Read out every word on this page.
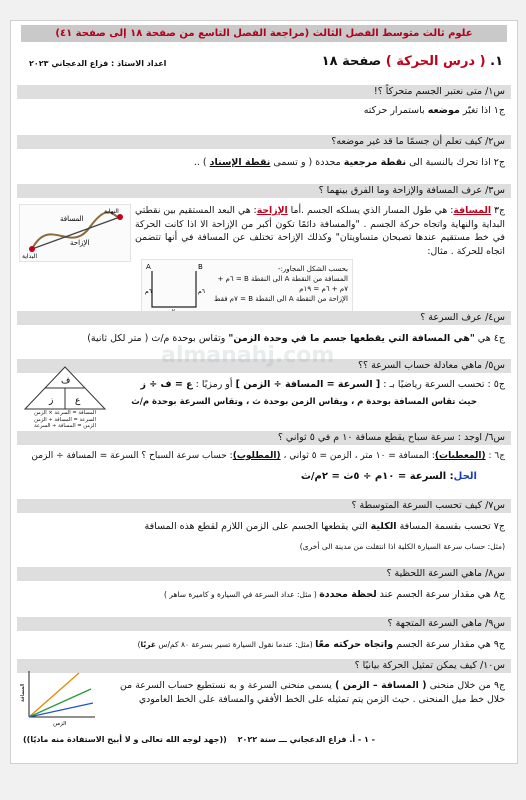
علوم ثالث متوسط الفصل الثالث (مراجعة الفصل التاسع من صفحة ١٨ إلى صفحة ٤١)
١. ( درس الحركة ) صفحة ١٨
اعداد الاستاذ : فزاع الدعجاني ٢٠٢٣
س١/ متى نعتبر الجسم متحركاً ؟!
ج١ اذا تغيّر موضعه باستمرار حركته
س٢/ كيف تعلم أن جسمًا ما قد غير موضعه؟
ج٢ اذا تحرك بالنسبة الى نقطة مرجعية محددة ( و تسمى نقطة الإسناد ) ..
س٣/ عرف المسافة والإزاحة وما الفرق بينهما ؟
ج٣ المسافة: هي طول المسار الذي يسلكه الجسم .أما الإزاحة: هي البعد المستقيم بين نقطتي البداية والنهاية واتجاه حركة الجسم . "والمسافة دائمًا تكون أكبر من الإزاحة الا اذا كانت الحركة في خط مستقيم عندها تصبحان متساويتان" وكذلك الإزاحة تختلف عن المسافة في أنها تتضمن اتجاه للحركة . مثال:
المسافة
الإزاحة
البداية
النهاية
A	B
٦م	٦م
بحسب الشكل المجاور:-
المسافة من النقطة A الى النقطة B = ٦م + ٧م + ٦م = ١٩م
الإزاحة من النقطة A الى النقطة B = ٧م فقط
س٤/ عرف السرعة ؟
ج٤ هي "هي المسافة التي يقطعها جسم ما في وحدة الزمن" وتقاس بوحدة م/ث ( متر لكل ثانية)
س٥/ ماهي معادلة حساب السرعة ؟؟
ج٥ : تحسب السرعة رياضيًا بـ : [ السرعة = المسافة ÷ الزمن ] أو رمزيًا : ع = ف ÷ ز
حيث تقاس المسافة بوحدة م ، ويقاس الزمن بوحدة ث ، وتقاس السرعة بوحدة م/ث
ف
ز ع
المسافة = السرعة × الزمن
السرعة = المسافة ÷ الزمن
الزمن = المسافة ÷ السرعة
almanahj.com
س٦/ اوجد : سرعة سباح يقطع مسافة ١٠ م في ٥ ثواني ؟
ج٦ : (المعطيات): المسافة = ١٠ متر ، الزمن = ٥ ثواني ، (المطلوب): حساب سرعة السباح ؟ السرعة = المسافة ÷ الزمن
الحل: السرعة = ١٠م ÷ ٥ث = ٢م/ث
س٧/ كيف تحسب السرعة المتوسطة ؟
ج٧ تحسب بقسمة المسافة الكلية التي يقطعها الجسم على الزمن اللازم لقطع هذه المسافة
(مثل: حساب سرعة السيارة الكلية اذا انتقلت من مدينة الى أخرى)
س٨/ ماهي السرعة اللحظية ؟
ج٨ هي مقدار سرعة الجسم عند لحظة محددة ( مثل: عداد السرعة في السيارة و كاميرة ساهر )
س٩/ ماهي السرعة المتجهة ؟
ج٩ هي مقدار سرعة الجسم واتجاه حركته معًا (مثل: عندما نقول السيارة تسير بسرعة ٨٠ كم/س غربًا)
س١٠/ كيف يمكن تمثيل الحركة بيانيًا ؟
ج٩ من خلال منحنى ( المسافة – الزمن ) يسمى منحنى السرعة و به نستطيع حساب السرعة من خلال خط ميل المنحنى . حيث الزمن يتم تمثيله على الخط الأفقي والمسافة على الخط العامودي
الزمن
المسافة
- ١ - أ. فزاع الدعجاني ـــ سنة ٢٠٢٢
((جهد لوجه الله تعالى و لا أبيح الاستفادة منه ماديًا))
